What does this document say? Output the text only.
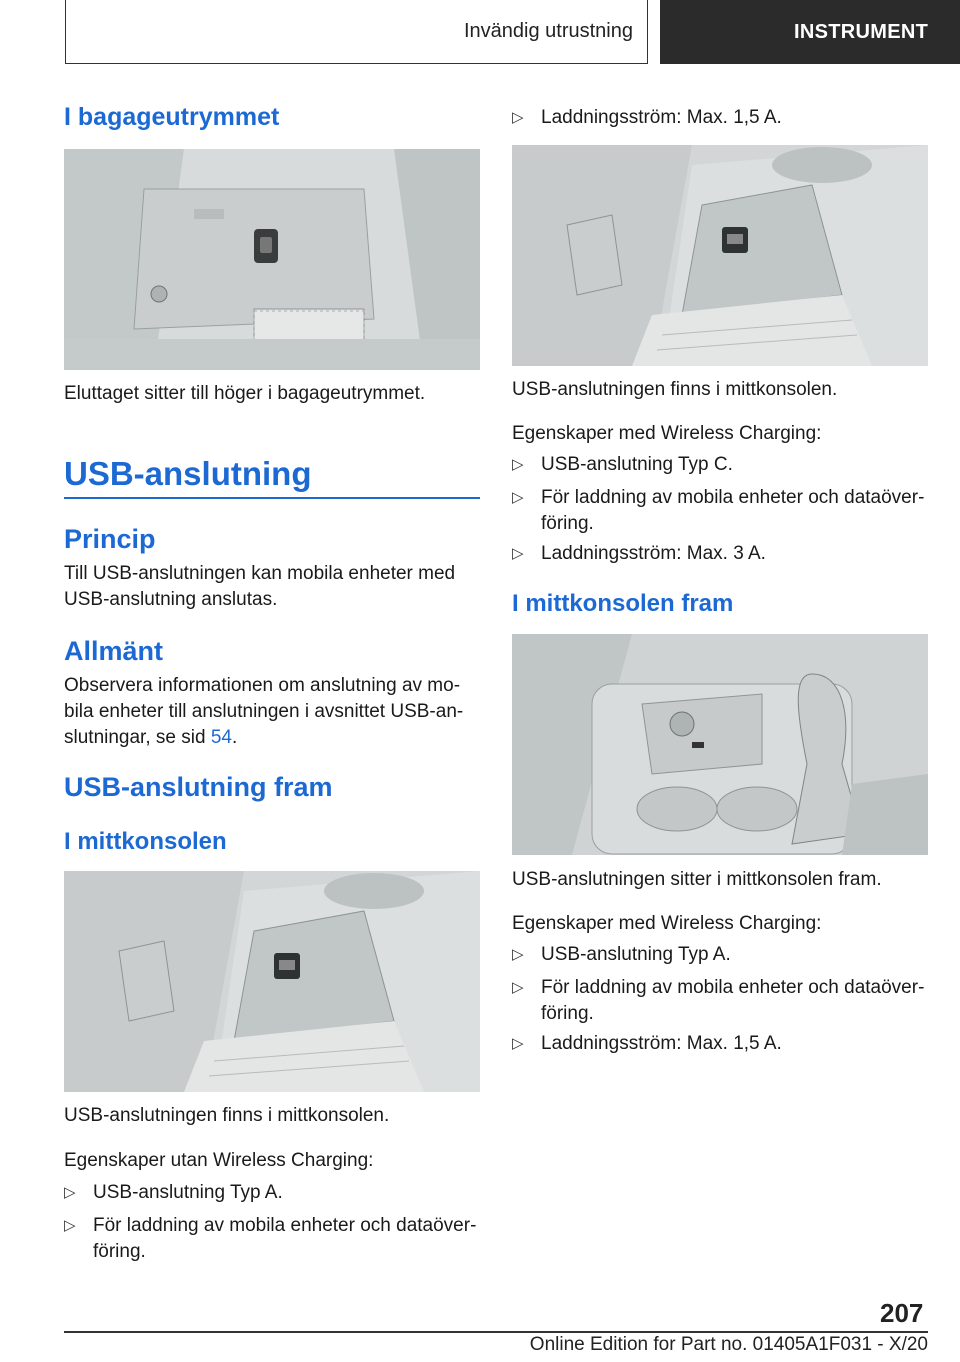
Invändig utrustning	INSTRUMENT
I bagageutrymmet

Eluttaget sitter till höger i bagageutrymmet.

USB-anslutning
Princip

Till USB-anslutningen kan mobila enheter med USB-anslutning anslutas.

Allmänt

Observera informationen om anslutning av mobila enheter till anslutningen i avsnittet USB-anslutningar, se sid 54.

USB-anslutning fram
I mittkonsolen

USB-anslutningen finns i mittkonsolen.

Egenskaper utan Wireless Charging:

▷ USB-anslutning Typ A.
▷ För laddning av mobila enheter och dataöverföring.
▷ Laddningsström: Max. 1,5 A.

USB-anslutningen finns i mittkonsolen.

Egenskaper med Wireless Charging:

▷ USB-anslutning Typ C.
▷ För laddning av mobila enheter och dataöverföring.
▷ Laddningsström: Max. 3 A.
I mittkonsolen fram

USB-anslutningen sitter i mittkonsolen fram.

Egenskaper med Wireless Charging:

▷ USB-anslutning Typ A.
▷ För laddning av mobila enheter och dataöverföring.
▷ Laddningsström: Max. 1,5 A.
207
Online Edition for Part no. 01405A1F031 - X/20
